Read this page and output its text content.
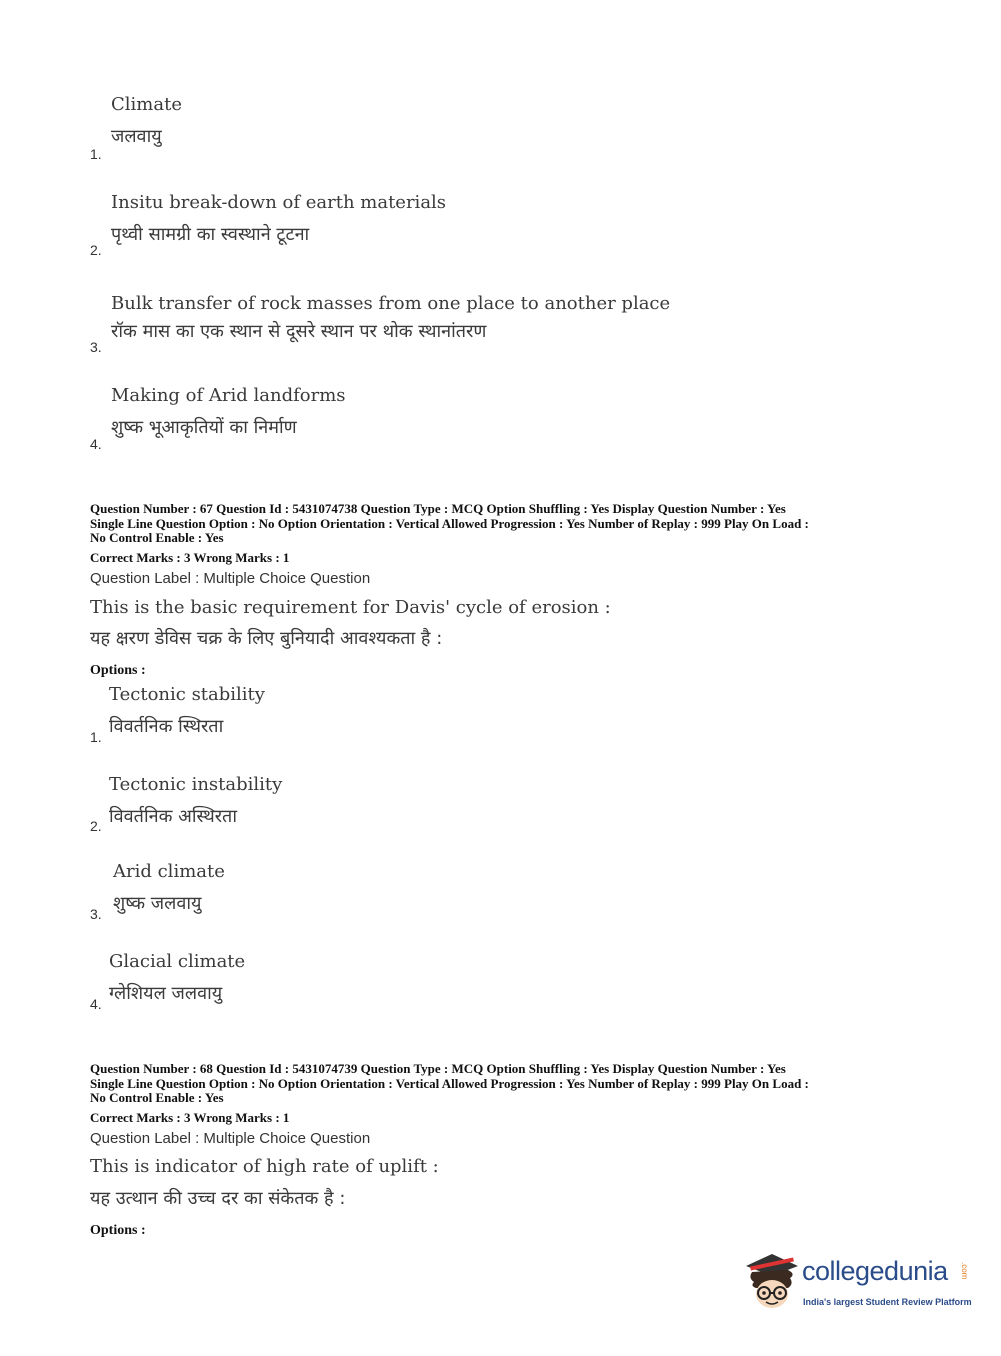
Climate
जलवायु
1.
Insitu break-down of earth materials
पृथ्वी सामग्री का स्वस्थाने टूटना
2.
Bulk transfer of rock masses from one place to another place
रॉक मास का एक स्थान से दूसरे स्थान पर थोक स्थानांतरण
3.
Making of Arid landforms
शुष्क भूआकृतियों का निर्माण
4.
Question Number : 67 Question Id : 5431074738 Question Type : MCQ Option Shuffling : Yes Display Question Number : Yes
Single Line Question Option : No Option Orientation : Vertical Allowed Progression : Yes Number of Replay : 999 Play On Load :
No Control Enable : Yes
Correct Marks : 3 Wrong Marks : 1
Question Label : Multiple Choice Question
This is the basic requirement for Davis' cycle of erosion :
यह क्षरण डेविस चक्र के लिए बुनियादी आवश्यकता है :
Options :
Tectonic stability
विवर्तनिक स्थिरता
1.
Tectonic instability
विवर्तनिक अस्थिरता
2.
Arid climate
शुष्क जलवायु
3.
Glacial climate
ग्लेशियल जलवायु
4.
Question Number : 68 Question Id : 5431074739 Question Type : MCQ Option Shuffling : Yes Display Question Number : Yes
Single Line Question Option : No Option Orientation : Vertical Allowed Progression : Yes Number of Replay : 999 Play On Load :
No Control Enable : Yes
Correct Marks : 3 Wrong Marks : 1
Question Label : Multiple Choice Question
This is indicator of high rate of uplift :
यह उत्थान की उच्च दर का संकेतक है :
Options :
collegedunia .com
India's largest Student Review Platform
